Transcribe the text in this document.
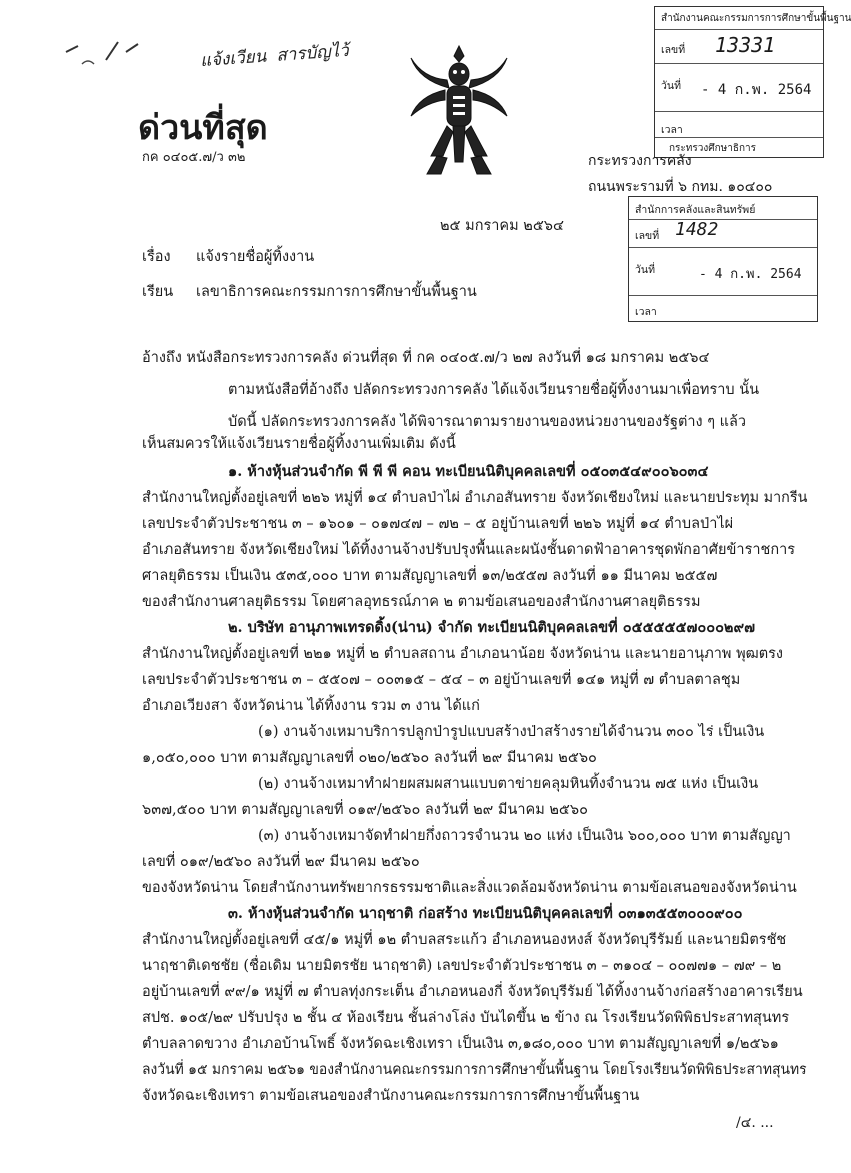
แจ้งเวียน สารบัญไว้
ด่วนที่สุด
กค ๐๔๐๕.๗/ว ๓๒
สำนักงานคณะกรรมการการศึกษาขั้นพื้นฐาน
เลขที่ 13331
วันที่ - 4 ก.พ. 2564
เวลา
กระทรวงศึกษาธิการ
กระทรวงการคลัง
ถนนพระรามที่ ๖ กทม. ๑๐๔๐๐
๒๕ มกราคม ๒๕๖๔
สำนักการคลังและสินทรัพย์
เลขที่ 1482
วันที่	- 4 ก.พ. 2564
เวลา
เรื่อง แจ้งรายชื่อผู้ทิ้งงาน
เรียน เลขาธิการคณะกรรมการการศึกษาขั้นพื้นฐาน
อ้างถึง หนังสือกระทรวงการคลัง ด่วนที่สุด ที่ กค ๐๔๐๕.๗/ว ๒๗ ลงวันที่ ๑๘ มกราคม ๒๕๖๔
ตามหนังสือที่อ้างถึง ปลัดกระทรวงการคลัง ได้แจ้งเวียนรายชื่อผู้ทิ้งงานมาเพื่อทราบ นั้น
บัดนี้ ปลัดกระทรวงการคลัง ได้พิจารณาตามรายงานของหน่วยงานของรัฐต่าง ๆ แล้ว
เห็นสมควรให้แจ้งเวียนรายชื่อผู้ทิ้งงานเพิ่มเติม ดังนี้
๑. ห้างหุ้นส่วนจำกัด พี พี พี คอน ทะเบียนนิติบุคคลเลขที่ ๐๕๐๓๕๔๙๐๐๖๐๓๔
สำนักงานใหญ่ตั้งอยู่เลขที่ ๒๒๖ หมู่ที่ ๑๔ ตำบลป่าไผ่ อำเภอสันทราย จังหวัดเชียงใหม่ และนายประทุม มากรีน
เลขประจำตัวประชาชน ๓ – ๑๖๐๑ – ๐๑๗๔๗ – ๗๒ – ๕ อยู่บ้านเลขที่ ๒๒๖ หมู่ที่ ๑๔ ตำบลป่าไผ่
อำเภอสันทราย จังหวัดเชียงใหม่ ได้ทิ้งงานจ้างปรับปรุงพื้นและผนังชั้นดาดฟ้าอาคารชุดพักอาศัยข้าราชการ
ศาลยุติธรรม เป็นเงิน ๕๓๕,๐๐๐ บาท ตามสัญญาเลขที่ ๑๓/๒๕๕๗ ลงวันที่ ๑๑ มีนาคม ๒๕๕๗
ของสำนักงานศาลยุติธรรม โดยศาลอุทธรณ์ภาค ๒ ตามข้อเสนอของสำนักงานศาลยุติธรรม
๒. บริษัท อานุภาพเทรดดิ้ง(น่าน) จำกัด ทะเบียนนิติบุคคลเลขที่ ๐๕๕๕๕๕๗๐๐๐๒๙๗
สำนักงานใหญ่ตั้งอยู่เลขที่ ๒๒๑ หมู่ที่ ๒ ตำบลสถาน อำเภอนาน้อย จังหวัดน่าน และนายอานุภาพ พุฒตรง
เลขประจำตัวประชาชน ๓ – ๕๕๐๗ – ๐๐๓๑๕ – ๕๔ – ๓ อยู่บ้านเลขที่ ๑๔๑ หมู่ที่ ๗ ตำบลตาลชุม
อำเภอเวียงสา จังหวัดน่าน ได้ทิ้งงาน รวม ๓ งาน ได้แก่
(๑) งานจ้างเหมาบริการปลูกป่ารูปแบบสร้างป่าสร้างรายได้จำนวน ๓๐๐ ไร่ เป็นเงิน
๑,๐๕๐,๐๐๐ บาท ตามสัญญาเลขที่ ๐๒๐/๒๕๖๐ ลงวันที่ ๒๙ มีนาคม ๒๕๖๐
(๒) งานจ้างเหมาทำฝายผสมผสานแบบตาข่ายคลุมหินทิ้งจำนวน ๗๕ แห่ง เป็นเงิน
๖๓๗,๕๐๐ บาท ตามสัญญาเลขที่ ๐๑๙/๒๕๖๐ ลงวันที่ ๒๙ มีนาคม ๒๕๖๐
(๓) งานจ้างเหมาจัดทำฝายกึ่งถาวรจำนวน ๒๐ แห่ง เป็นเงิน ๖๐๐,๐๐๐ บาท ตามสัญญา
เลขที่ ๐๑๙/๒๕๖๐ ลงวันที่ ๒๙ มีนาคม ๒๕๖๐
ของจังหวัดน่าน โดยสำนักงานทรัพยากรธรรมชาติและสิ่งแวดล้อมจังหวัดน่าน ตามข้อเสนอของจังหวัดน่าน
๓. ห้างหุ้นส่วนจำกัด นาฤชาติ ก่อสร้าง ทะเบียนนิติบุคคลเลขที่ ๐๓๑๓๕๕๓๐๐๐๙๐๐
สำนักงานใหญ่ตั้งอยู่เลขที่ ๔๕/๑ หมู่ที่ ๑๒ ตำบลสระแก้ว อำเภอหนองหงส์ จังหวัดบุรีรัมย์ และนายมิตรชัช
นาฤชาติเดชชัย (ชื่อเดิม นายมิตรชัย นาฤชาติ) เลขประจำตัวประชาชน ๓ – ๓๑๐๔ – ๐๐๗๗๑ – ๗๙ – ๒
อยู่บ้านเลขที่ ๙๙/๑ หมู่ที่ ๗ ตำบลทุ่งกระเต็น อำเภอหนองกี่ จังหวัดบุรีรัมย์ ได้ทิ้งงานจ้างก่อสร้างอาคารเรียน
สปช. ๑๐๕/๒๙ ปรับปรุง ๒ ชั้น ๔ ห้องเรียน ชั้นล่างโล่ง บันไดขึ้น ๒ ข้าง ณ โรงเรียนวัดพิพิธประสาทสุนทร
ตำบลลาดขวาง อำเภอบ้านโพธิ์ จังหวัดฉะเชิงเทรา เป็นเงิน ๓,๑๘๐,๐๐๐ บาท ตามสัญญาเลขที่ ๑/๒๕๖๑
ลงวันที่ ๑๕ มกราคม ๒๕๖๑ ของสำนักงานคณะกรรมการการศึกษาขั้นพื้นฐาน โดยโรงเรียนวัดพิพิธประสาทสุนทร
จังหวัดฉะเชิงเทรา ตามข้อเสนอของสำนักงานคณะกรรมการการศึกษาขั้นพื้นฐาน
/๔. ...
